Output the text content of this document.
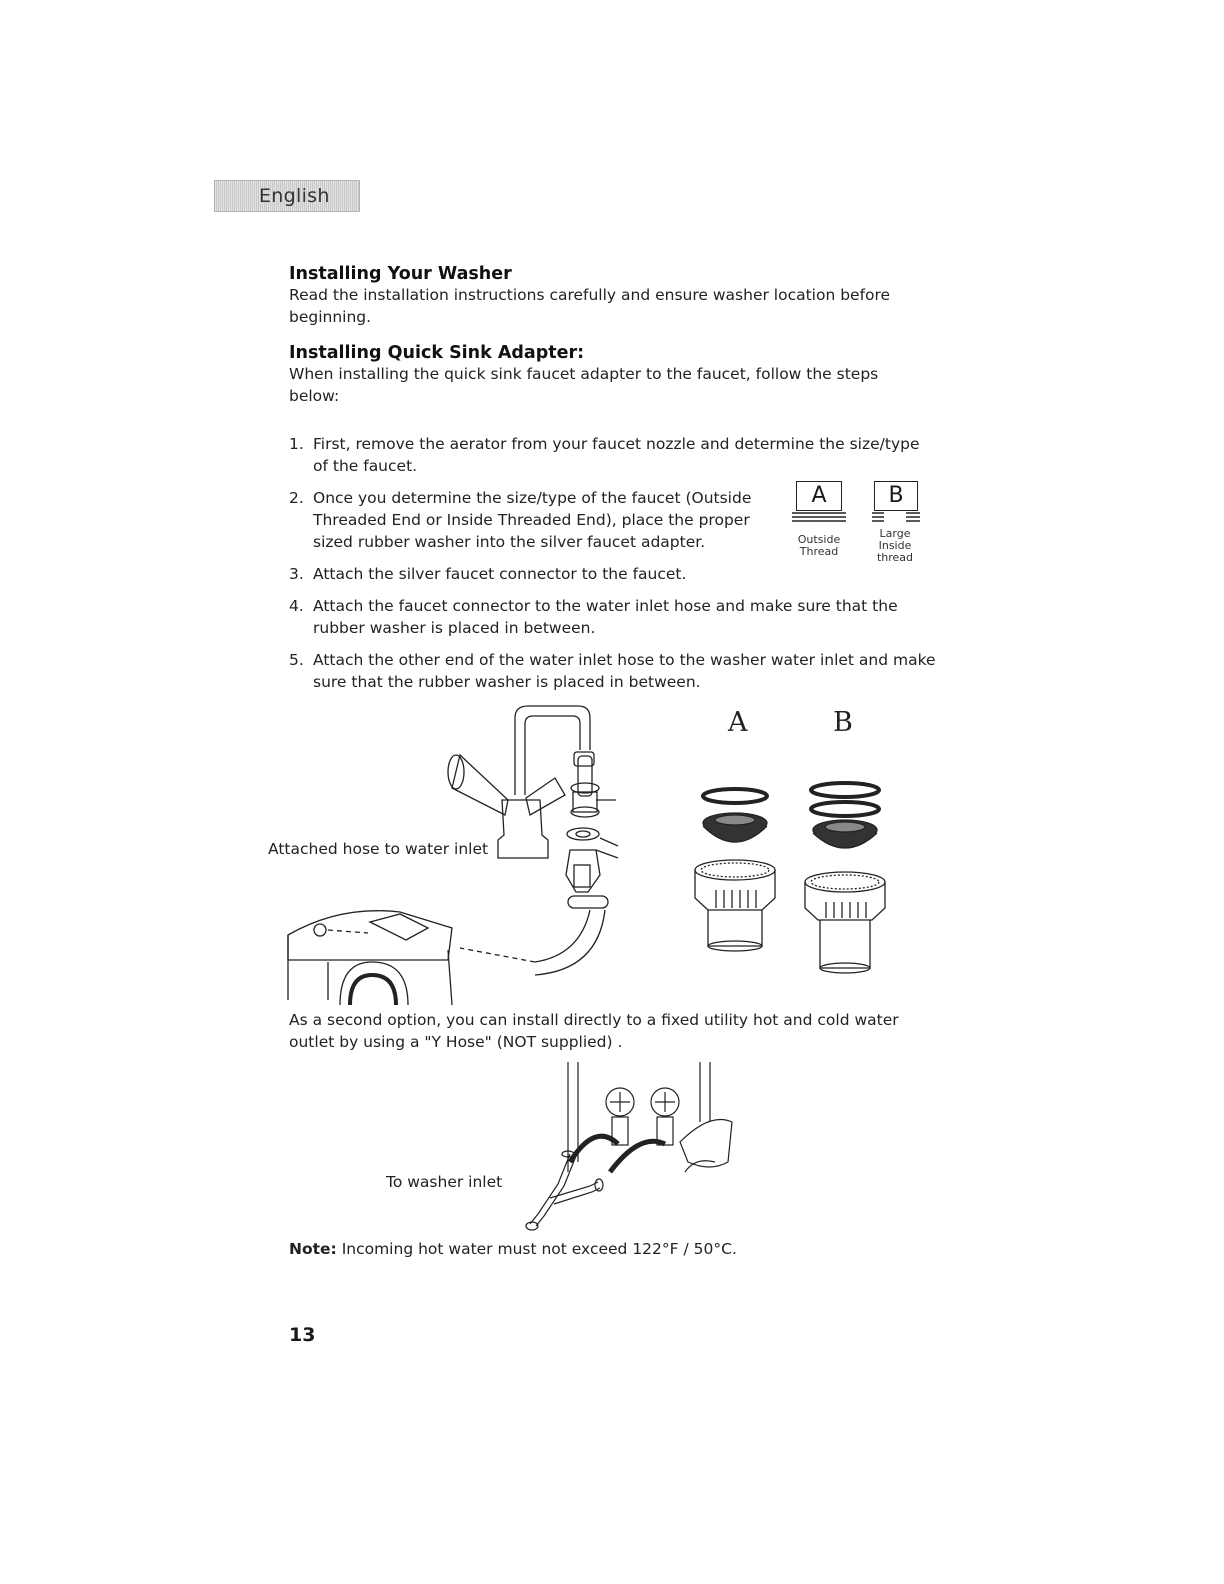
English
Installing Your Washer

Read the installation instructions carefully and ensure washer location before beginning.

Installing Quick Sink Adapter:

When installing the quick sink faucet adapter to the faucet, follow the steps below:

1. First, remove the aerator from your faucet nozzle and determine the size/type of the faucet.
2. Once you determine the size/type of the faucet (Outside Threaded End or Inside Threaded End), place the proper sized rubber washer into the silver faucet adapter.
3. Attach the silver faucet connector to the faucet.
4. Attach the faucet connector to the water inlet hose and make sure that the rubber washer is placed in between.
5. Attach the other end of the water inlet hose to the washer water inlet and make sure that the rubber washer is placed in between.
A
Outside
Thread
B
Large
Inside
thread
Attached hose to water inlet
A	B

As a second option, you can install directly to a fixed utility hot and cold water outlet by using a "Y Hose" (NOT supplied) .

To washer inlet

Note: Incoming hot water must not exceed 122°F / 50°C.

13
